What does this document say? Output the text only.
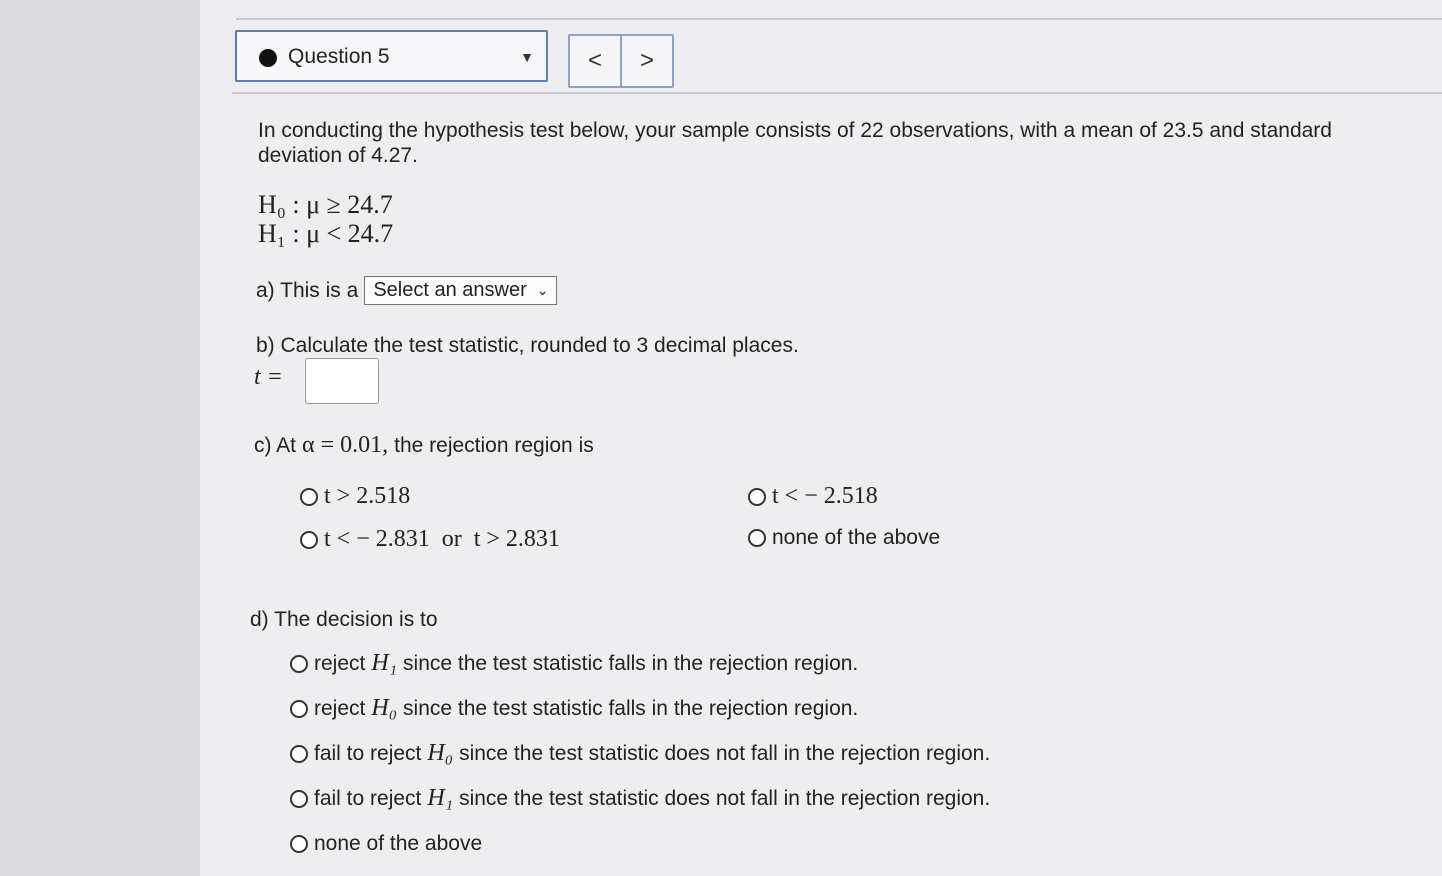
Question 5	▼	<	>
In conducting the hypothesis test below, your sample consists of 22 observations, with a mean of 23.5 and standard deviation of 4.27.
H₀ : μ ≥ 24.7
H₁ : μ < 24.7
a) This is a Select an answer ⌄
b) Calculate the test statistic, rounded to 3 decimal places.
t =
c) At α = 0.01, the rejection region is
t > 2.518	t < − 2.518
t < − 2.831  or  t > 2.831	none of the above
d) The decision is to
reject H₁ since the test statistic falls in the rejection region.
reject H₀ since the test statistic falls in the rejection region.
fail to reject H₀ since the test statistic does not fall in the rejection region.
fail to reject H₁ since the test statistic does not fall in the rejection region.
none of the above
